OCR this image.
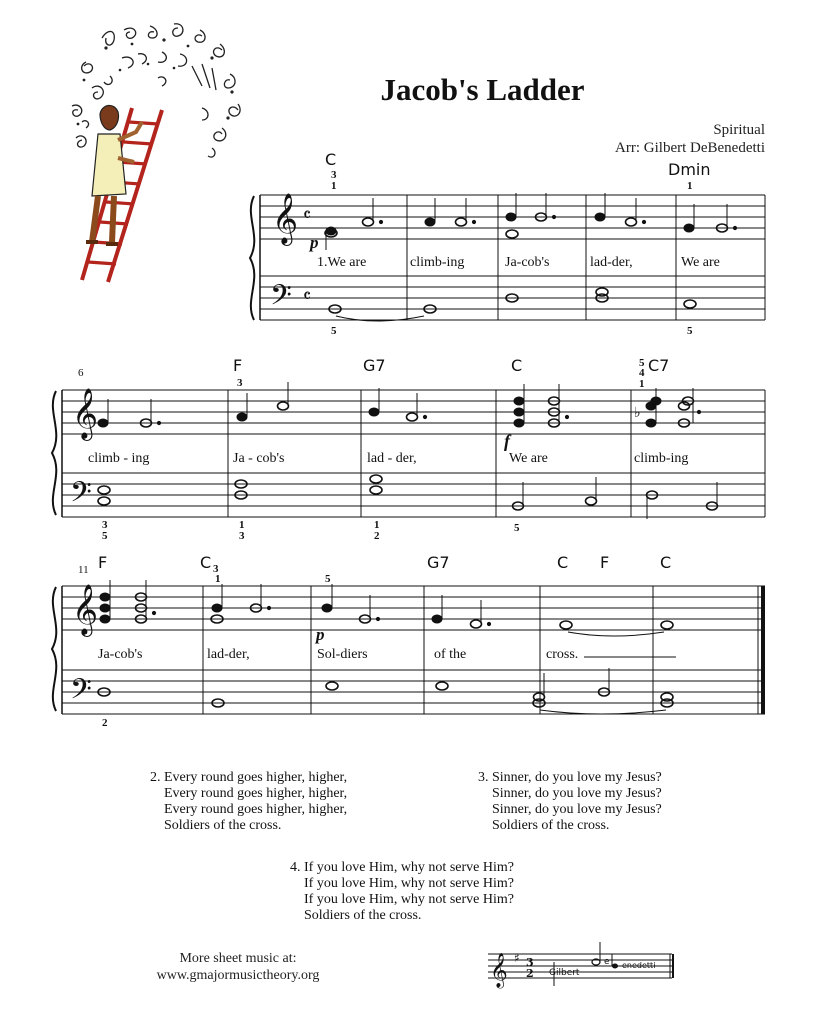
Jacob's Ladder
Spiritual
Arr: Gilbert DeBenedetti
𝄞
𝄢
𝄴
𝄴
C
Dmin
3
1	1
p
1.We are	climb-ing	Ja-cob's	lad-der,	We are
5	5
𝄞
𝄢
6
♭
F	G7	C	C7
3
5
4
1
f
climb - ing	Ja - cob's	lad - der,	We are	climb-ing
3
5
1
3
1
2
5
𝄞
𝄢
11 F	C	G7	C F	C
3
1	5
p
Ja-cob's	lad-der,	Sol-diers	of the	cross.
2
2. Every round goes higher, higher,
Every round goes higher, higher,
Every round goes higher, higher,
Soldiers of the cross.
3. Sinner, do you love my Jesus?
Sinner, do you love my Jesus?
Sinner, do you love my Jesus?
Soldiers of the cross.
4. If you love Him, why not serve Him?
If you love Him, why not serve Him?
If you love Him, why not serve Him?
Soldiers of the cross.
More sheet music at:
www.gmajormusictheory.org	𝄞 ♯ 3
2 Gilbert
e enedetti
